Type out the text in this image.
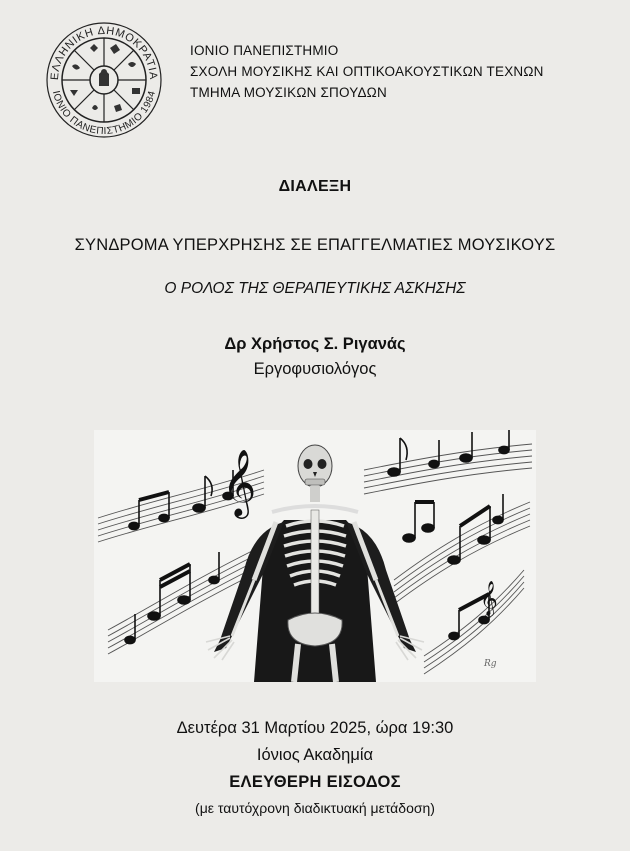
ΕΛΛΗΝΙΚΗ ΔΗΜΟΚΡΑΤΙΑ
ΙΟΝΙΟ ΠΑΝΕΠΙΣΤΗΜΙΟ 1984
ΙΟΝΙΟ ΠΑΝΕΠΙΣΤΗΜΙΟ
ΣΧΟΛΗ ΜΟΥΣΙΚΗΣ ΚΑΙ ΟΠΤΙΚΟΑΚΟΥΣΤΙΚΩΝ ΤΕΧΝΩΝ
ΤΜΗΜΑ ΜΟΥΣΙΚΩΝ ΣΠΟΥΔΩΝ
ΔΙΑΛΕΞΗ
ΣΥΝΔΡΟΜΑ ΥΠΕΡΧΡΗΣΗΣ ΣΕ ΕΠΑΓΓΕΛΜΑΤΙΕΣ ΜΟΥΣΙΚΟΥΣ
Ο ΡΟΛΟΣ ΤΗΣ ΘΕΡΑΠΕΥΤΙΚΗΣ ΑΣΚΗΣΗΣ
Δρ Χρήστος Σ. Ριγανάς
Εργοφυσιολόγος
𝄞
𝄞
Rg
Δευτέρα 31 Μαρτίου 2025, ώρα 19:30
Ιόνιος Ακαδημία
ΕΛΕΥΘΕΡΗ ΕΙΣΟΔΟΣ
(με ταυτόχρονη διαδικτυακή μετάδοση)
